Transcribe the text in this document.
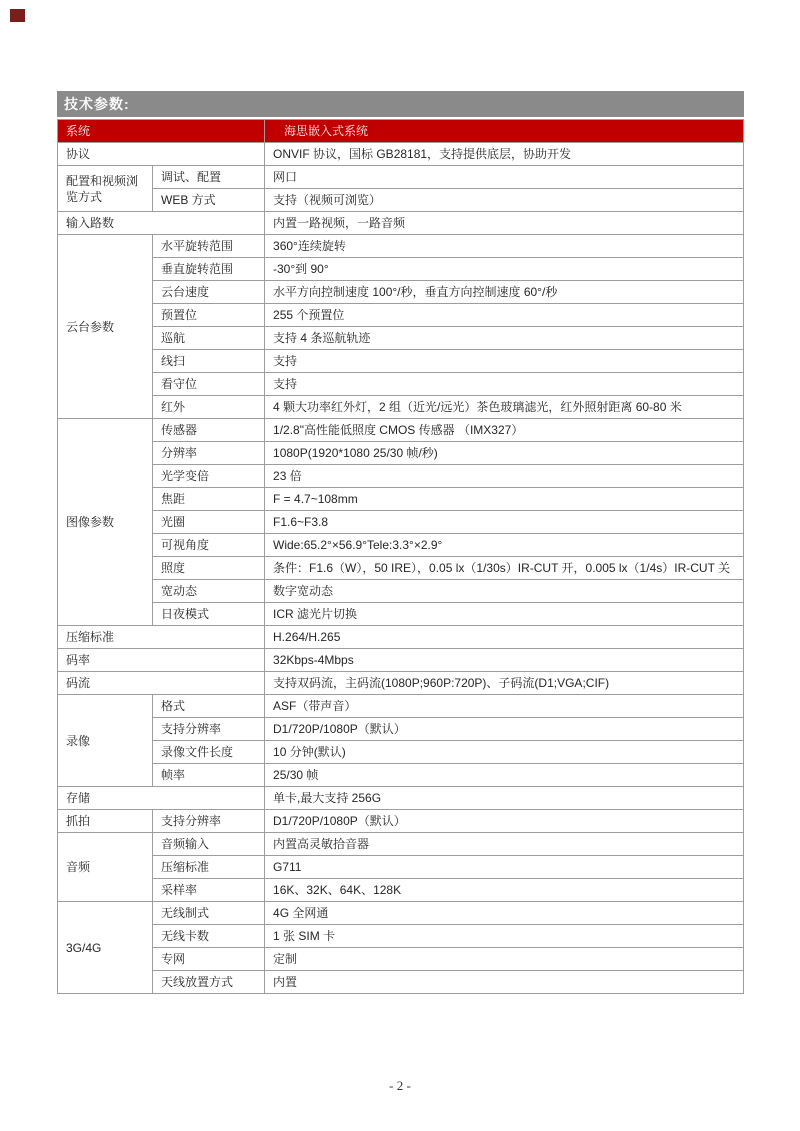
技术参数:
系统		海思嵌入式系统
协议		ONVIF 协议，国标 GB28181，支持提供底层，协助开发
配置和视频浏览方式	调试、配置	网口
	WEB 方式	支持（视频可浏览）
输入路数		内置一路视频，一路音频
云台参数	水平旋转范围	360°连续旋转
	垂直旋转范围	-30°到 90°
	云台速度	水平方向控制速度 100°/秒，垂直方向控制速度 60°/秒
	预置位	255 个预置位
	巡航	支持 4 条巡航轨迹
	线扫	支持
	看守位	支持
	红外	4 颗大功率红外灯，2 组（近光/远光）茶色玻璃滤光，红外照射距离 60-80 米
图像参数	传感器	1/2.8"高性能低照度 CMOS 传感器 （IMX327）
	分辨率	1080P(1920*1080 25/30 帧/秒)
	光学变倍	23 倍
	焦距	F = 4.7~108mm
	光圈	F1.6~F3.8
	可视角度	Wide:65.2°×56.9°Tele:3.3°×2.9°
	照度	条件：F1.6（W），50 IRE），0.05 lx（1/30s）IR-CUT 开，0.005 lx（1/4s）IR-CUT 关
	宽动态	数字宽动态
	日夜模式	ICR 滤光片切换
压缩标准		H.264/H.265
码率		32Kbps-4Mbps
码流		支持双码流，主码流(1080P;960P:720P)、子码流(D1;VGA;CIF)
录像	格式	ASF（带声音）
	支持分辨率	D1/720P/1080P（默认）
	录像文件长度	10 分钟(默认)
	帧率	25/30 帧
存储		单卡,最大支持 256G
抓拍	支持分辨率	D1/720P/1080P（默认）
音频	音频输入	内置高灵敏拾音器
	压缩标准	G711
	采样率	16K、32K、64K、128K
3G/4G	无线制式	4G 全网通
	无线卡数	1 张 SIM 卡
	专网	定制
	天线放置方式	内置
- 2 -
